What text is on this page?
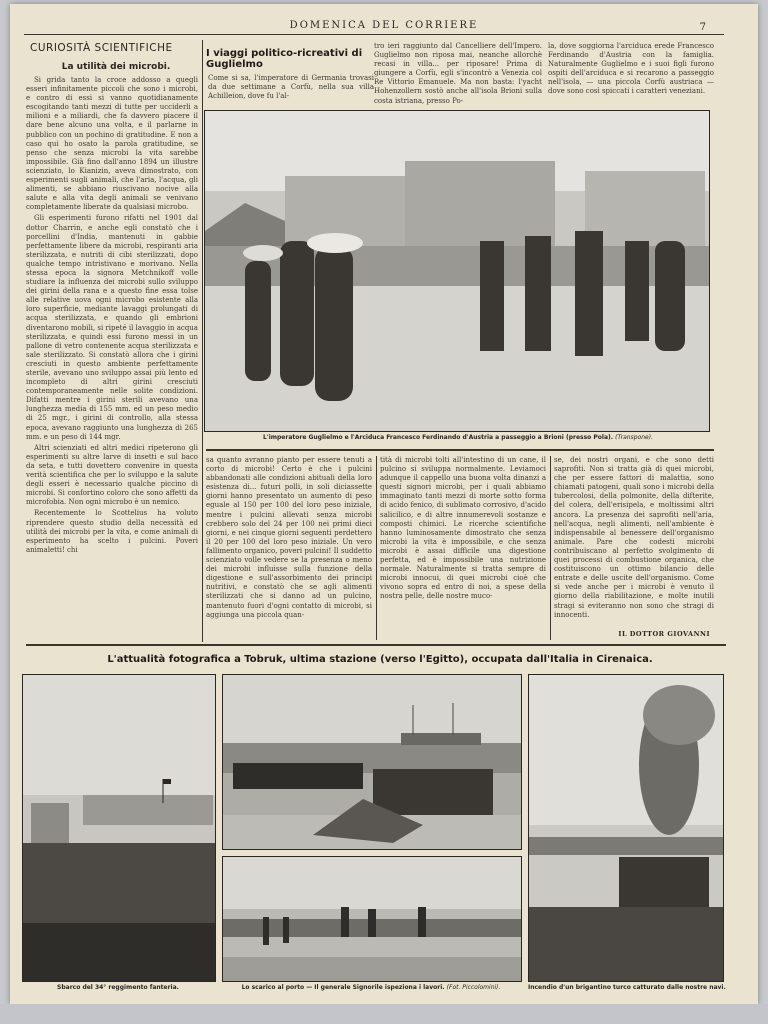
DOMENICA DEL CORRIERE	7
CURIOSITÀ SCIENTIFICHE
La utilità dei microbi.

Si grida tanto la croce addosso a quegli esseri infinitamente piccoli che sono i microbi, e contro di essi si vanno quotidianamente escogitando tanti mezzi di tutte per ucciderli a milioni e a miliardi, che fa davvero piacere il dare bene alcuno una volta, e il parlarne in pubblico con un pochino di gratitudine. E non a caso qui ho osato la parola gratitudine, se penso che senza microbi la vita sarebbe impossibile. Già fino dall'anno 1894 un illustre scienziato, lo Kianizin, aveva dimostrato, con esperimenti sugli animali, che l'aria, l'acqua, gli alimenti, se abbiano riuscivano nocive alla salute e alla vita degli animali se venivano completamente liberate da qualsiasi microbo.

Gli esperimenti furono rifatti nel 1901 dal dottor Charrin, e anche egli constatò che i porcellini d'India, mantenuti in gabbie perfettamente libere da microbi, respiranti aria sterilizzata, e nutriti di cibi sterilizzati, dopo qualche tempo intristivano e morivano. Nella stessa epoca la signora Metchnikoff volle studiare la influenza dei microbi sullo sviluppo dei girini della rana e a questo fine essa tolse alle relative uova ogni microbo esistente alla loro superficie, mediante lavaggi prolungati di acqua sterilizzata, e quando gli embrioni diventarono mobili, si ripeté il lavaggio in acqua sterilizzata, e quindi essi furono messi in un pallone di vetro contenente acqua sterilizzata e sale sterilizzato. Si constatò allora che i girini cresciuti in questo ambiente perfettamente sterile, avevano uno sviluppo assai più lento ed incompleto di altri girini cresciuti contemporaneamente nelle solite condizioni. Difatti mentre i girini sterili avevano una lunghezza media di 155 mm. ed un peso medio di 25 mgr., i girini di controllo, alla stessa epoca, avevano raggiunto una lunghezza di 265 mm. e un peso di 144 mgr.

Altri scienziati ed altri medici ripeterono gli esperimenti su altre larve di insetti e sul baco da seta, e tutti dovettero convenire in questa verità scientifica che per lo sviluppo e la salute degli esseri è necessario qualche piccino di microbi. Si confortino coloro che sono affetti da microfobia. Non ogni microbo è un nemico.

Recentemente lo Scottelius ha voluto riprendere questo studio della necessità ed utilità dei microbi per la vita, e come animali di esperimento ha scelto i pulcini. Poveri animaletti! chi

I viaggi politico-ricreativi di Guglielmo
Come si sa, l'imperatore di Germania trovasi da due settimane a Corfù, nella sua villa Achilleion, dove fu l'al-
tro ieri raggiunto dal Cancelliere dell'Impero. Guglielmo non riposa mai, neanche allorchè recasi in villa... per riposare! Prima di giungere a Corfù, egli s'incontrò a Venezia col Re Vittorio Emanuele. Ma non basta: l'yacht Hohenzollern sostò anche all'isola Brioni sulla costa istriana, presso Po-
la, dove soggiorna l'arciduca erede Francesco Ferdinando d'Austria con la famiglia. Naturalmente Guglielmo e i suoi figli furono ospiti dell'arciduca e si recarono a passeggio nell'isola, — una piccola Corfù austriaca — dove sono così spiccati i caratteri veneziani.
L'imperatore Guglielmo e l'Arciduca Francesco Ferdinando d'Austria a passeggio a Brioni (presso Pola). (Transpone).
sa quanto avranno pianto per essere tenuti a corto di microbi! Certo è che i pulcini abbandonati alle condizioni abituali della loro esistenza di... futuri polli, in soli diciassette giorni hanno presentato un aumento di peso eguale al 150 per 100 del loro peso iniziale, mentre i pulcini allevati senza microbi crebbero solo del 24 per 100 nei primi dieci giorni, e nei cinque giorni seguenti perdettero il 20 per 100 del loro peso iniziale. Un vero fallimento organico, poveri pulcini! Il suddetto scienziato volle vedere se la presenza o meno dei microbi influisse sulla funzione della digestione e sull'assorbimento dei principi nutritivi, e constatò che se agli alimenti sterilizzati che si danno ad un pulcino, mantenuto fuori d'ogni contatto di microbi, si aggiunga una piccola quan-
tità di microbi tolti all'intestino di un cane, il pulcino si sviluppa normalmente. Leviamoci adunque il cappello una buona volta dinanzi a questi signori microbi, per i quali abbiamo immaginato tanti mezzi di morte sotto forma di acido fenico, di sublimato corrosivo, d'acido salicilico, e di altre innumerevoli sostanze e composti chimici. Le ricerche scientifiche hanno luminosamente dimostrato che senza microbi la vita è impossibile, e che senza microbi è assai difficile una digestione perfetta, ed è impossibile una nutrizione normale. Naturalmente si tratta sempre di microbi innocui, di quei microbi cioè che vivono sopra ed entro di noi, a spese della nostra pelle, delle nostre muco-
se, dei nostri organi, e che sono detti saprofiti. Non si tratta già di quei microbi, che per essere fattori di malattia, sono chiamati patogeni, quali sono i microbi della tubercolosi, della polmonite, della difterite, del colera, dell'erisipela, e moltissimi altri ancora. La presenza dei saprofiti nell'aria, nell'acqua, negli alimenti, nell'ambiente è indispensabile al benessere dell'organismo animale. Pare che codesti microbi contribuiscano al perfetto svolgimento di quei processi di combustione organica, che costituiscono un ottimo bilancio delle entrate e delle uscite dell'organismo. Come si vede anche per i microbi è venuto il giorno della riabilitazione, e molte inutili stragi si eviteranno non sono che stragi di innocenti.
IL DOTTOR GIOVANNI
L'attualità fotografica a Tobruk, ultima stazione (verso l'Egitto), occupata dall'Italia in Cirenaica.
Sbarco del 34° reggimento fanteria.	Lo scarico al porto — Il generale Signorile ispeziona i lavori. (Fot. Piccolomini).	Incendio d'un brigantino turco catturato dalle nostre navi.
